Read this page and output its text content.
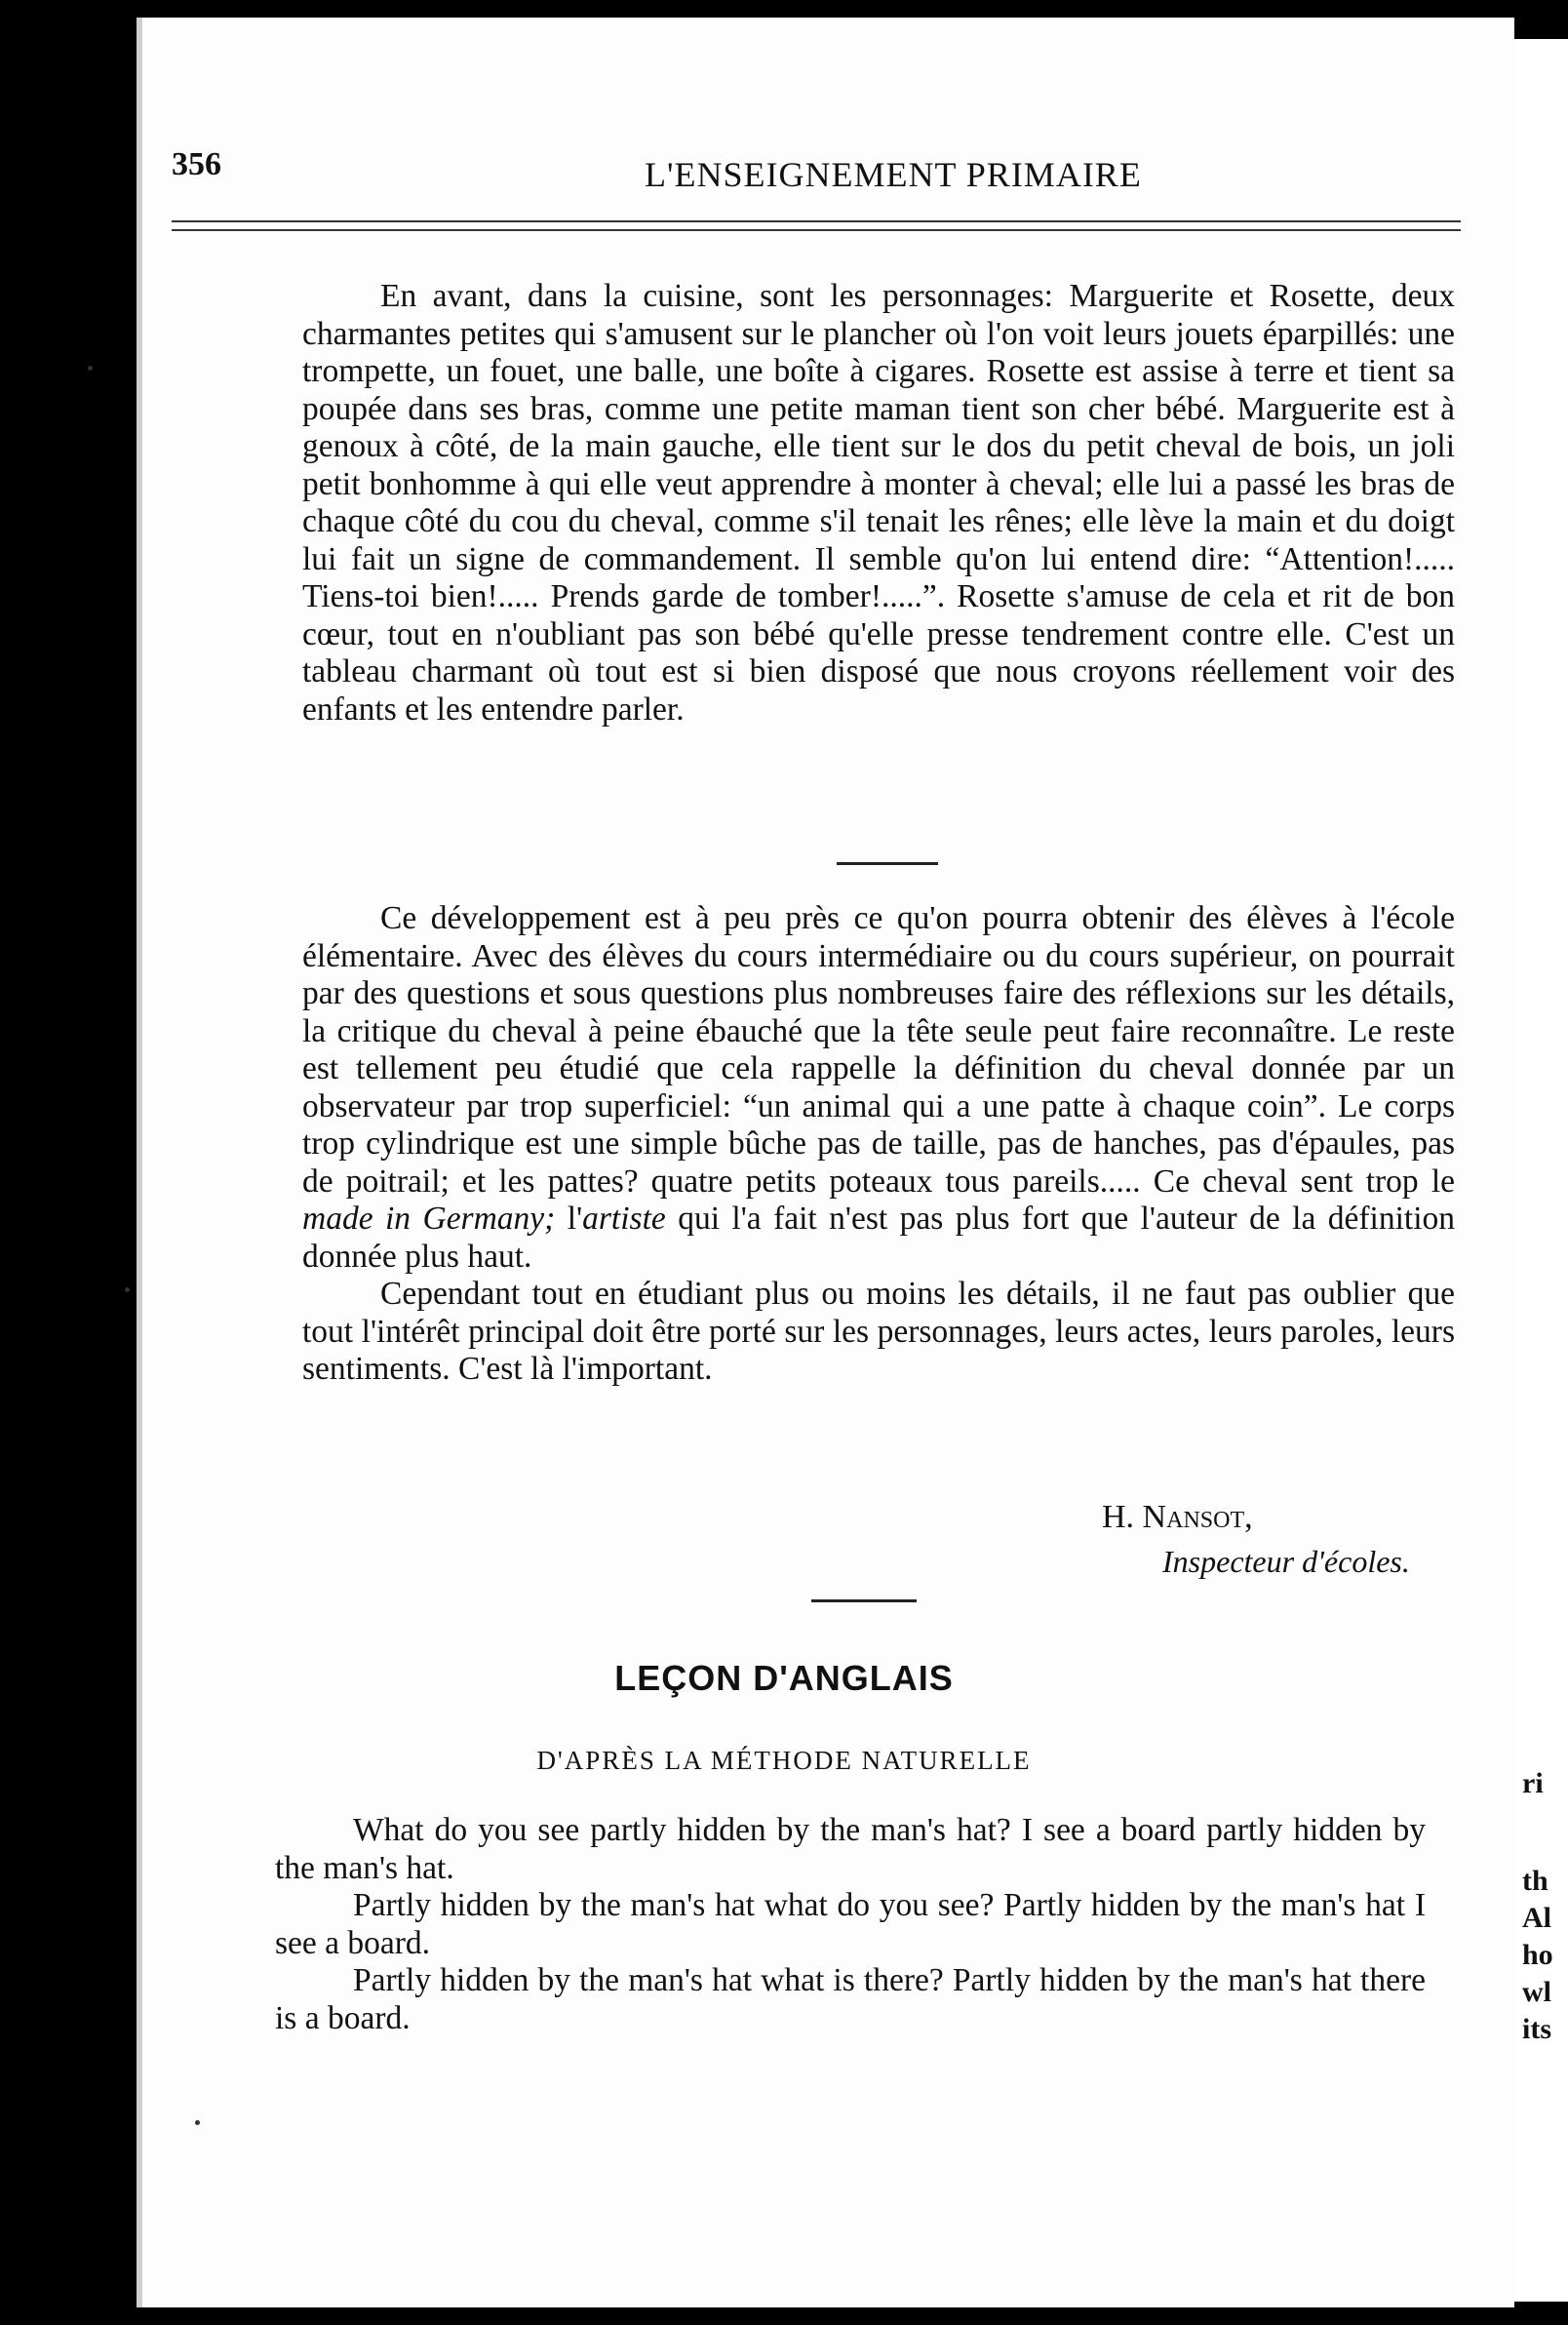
ri
th
Al
ho
wl
its
356	L'ENSEIGNEMENT PRIMAIRE

En avant, dans la cuisine, sont les personnages: Marguerite et Rosette, deux charmantes petites qui s'amusent sur le plancher où l'on voit leurs jouets éparpillés: une trompette, un fouet, une balle, une boîte à cigares. Rosette est assise à terre et tient sa poupée dans ses bras, comme une petite maman tient son cher bébé. Marguerite est à genoux à côté, de la main gauche, elle tient sur le dos du petit cheval de bois, un joli petit bonhomme à qui elle veut apprendre à monter à cheval; elle lui a passé les bras de chaque côté du cou du cheval, comme s'il tenait les rênes; elle lève la main et du doigt lui fait un signe de commandement. Il semble qu'on lui entend dire: “Attention!..... Tiens-toi bien!..... Prends garde de tomber!.....”. Rosette s'amuse de cela et rit de bon cœur, tout en n'oubliant pas son bébé qu'elle presse tendrement contre elle. C'est un tableau charmant où tout est si bien disposé que nous croyons réellement voir des enfants et les entendre parler.

Ce développement est à peu près ce qu'on pourra obtenir des élèves à l'école élémentaire. Avec des élèves du cours intermédiaire ou du cours supérieur, on pourrait par des questions et sous questions plus nombreuses faire des réflexions sur les détails, la critique du cheval à peine ébauché que la tête seule peut faire reconnaître. Le reste est tellement peu étudié que cela rappelle la définition du cheval donnée par un observateur par trop superficiel: “un animal qui a une patte à chaque coin”. Le corps trop cylindrique est une simple bûche pas de taille, pas de hanches, pas d'épaules, pas de poitrail; et les pattes? quatre petits poteaux tous pareils..... Ce cheval sent trop le made in Germany; l'artiste qui l'a fait n'est pas plus fort que l'auteur de la définition donnée plus haut.

Cependant tout en étudiant plus ou moins les détails, il ne faut pas oublier que tout l'intérêt principal doit être porté sur les personnages, leurs actes, leurs paroles, leurs sentiments. C'est là l'important.

H. Nansot,
Inspecteur d'écoles.
LEÇON D'ANGLAIS
D'APRÈS LA MÉTHODE NATURELLE

What do you see partly hidden by the man's hat? I see a board partly hidden by the man's hat.

Partly hidden by the man's hat what do you see? Partly hidden by the man's hat I see a board.

Partly hidden by the man's hat what is there? Partly hidden by the man's hat there is a board.
